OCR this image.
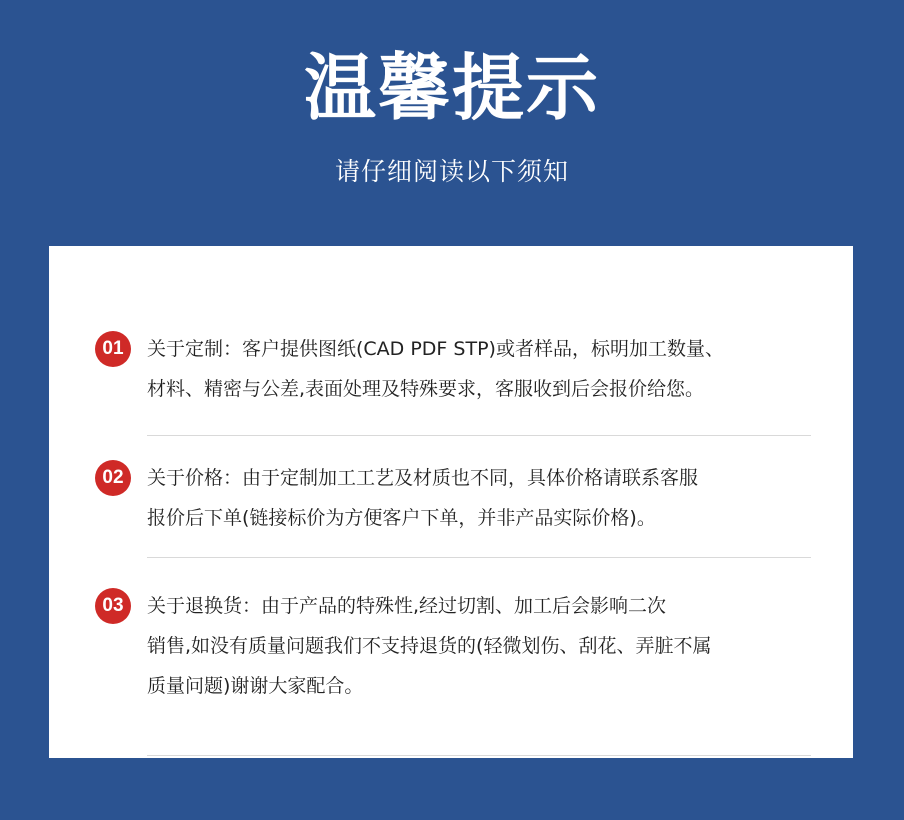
温馨提示
请仔细阅读以下须知
01	关于定制：客户提供图纸(CAD PDF STP)或者样品，标明加工数量、
材料、精密与公差,表面处理及特殊要求，客服收到后会报价给您。

02	关于价格：由于定制加工工艺及材质也不同，具体价格请联系客服
报价后下单(链接标价为方便客户下单，并非产品实际价格)。

03	关于退换货：由于产品的特殊性,经过切割、加工后会影响二次
销售,如没有质量问题我们不支持退货的(轻微划伤、刮花、弄脏不属
质量问题)谢谢大家配合。
